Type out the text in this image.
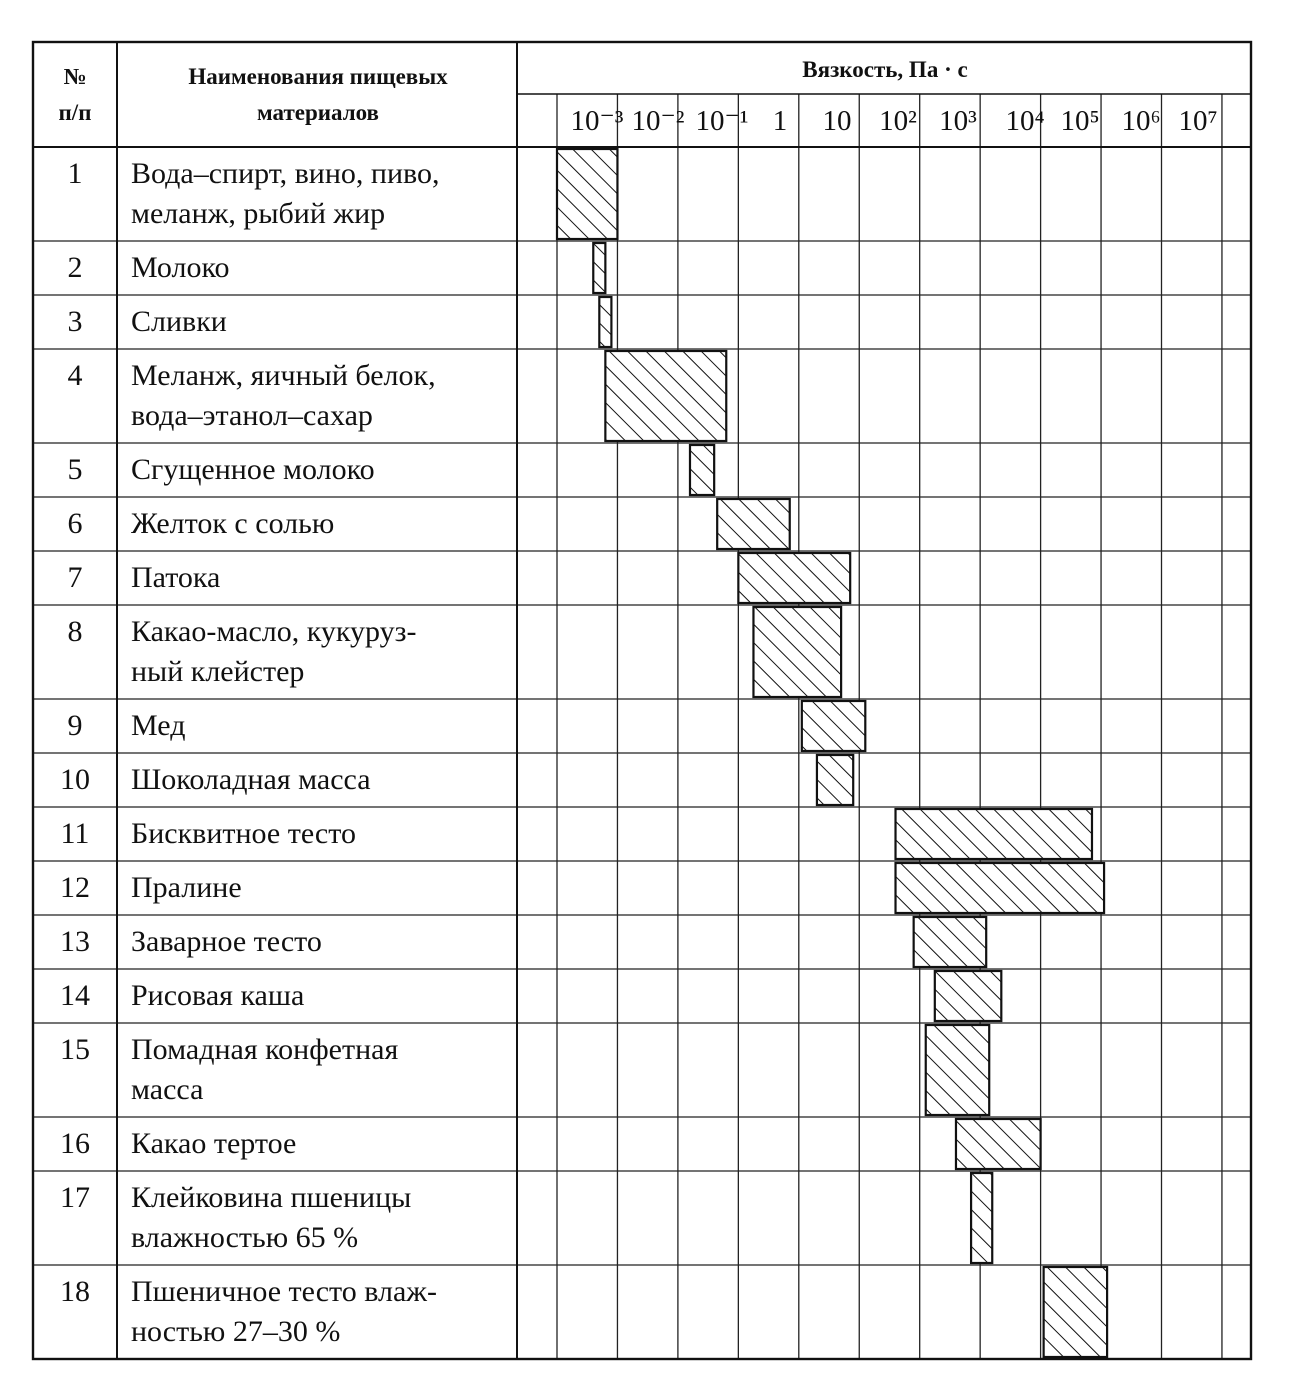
№
п/п
Наименования пищевых
материалов
Вязкость, Па · с
10⁻³ 10⁻² 10⁻¹ 1 10 10² 10³ 10⁴ 10⁵ 10⁶ 10⁷
1 Вода–спирт, вино, пиво,
меланж, рыбий жир
2 Молоко
3 Сливки
4 Меланж, яичный белок,
вода–этанол–сахар
5 Сгущенное молоко
6 Желток с солью
7 Патока
8 Какао-масло, кукуруз-
ный клейстер
9 Мед
10 Шоколадная масса
11 Бисквитное тесто
12 Пралине
13 Заварное тесто
14 Рисовая каша
15 Помадная конфетная
масса
16 Какао тертое
17 Клейковина пшеницы
влажностью 65 %
18 Пшеничное тесто влаж-
ностью 27–30 %
